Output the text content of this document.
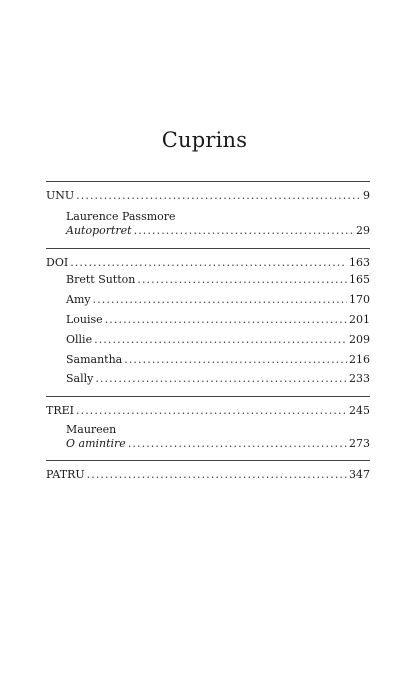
Cuprins
UNU .....	9
Laurence Passmore
Autoportret .....	29
DOI .....	163
Brett Sutton .....	165
Amy .....	170
Louise .....	201
Ollie .....	209
Samantha .....	216
Sally .....	233
TREI .....	245
Maureen
O amintire .....	273
PATRU .....	347
